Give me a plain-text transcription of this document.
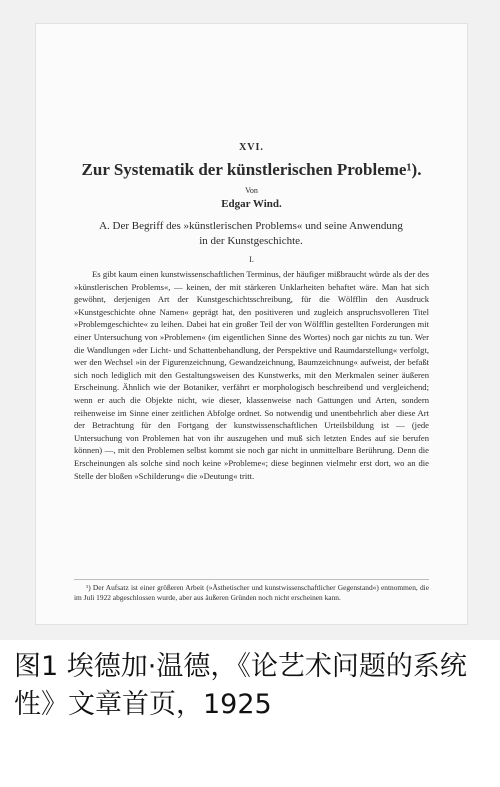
XVI.
Zur Systematik der künstlerischen Probleme¹).
Von
Edgar Wind.
A. Der Begriff des »künstlerischen Problems« und seine Anwendung in der Kunstgeschichte.
I.

Es gibt kaum einen kunstwissenschaftlichen Terminus, der häufiger mißbraucht würde als der des »künstlerischen Problems«, — keinen, der mit stärkeren Unklarheiten behaftet wäre. Man hat sich gewöhnt, derjenigen Art der Kunstgeschichtsschreibung, für die Wölfflin den Ausdruck »Kunstgeschichte ohne Namen« geprägt hat, den positiveren und zugleich anspruchsvolleren Titel »Problemgeschichte« zu leihen. Dabei hat ein großer Teil der von Wölfflin gestellten Forderungen mit einer Untersuchung von »Problemen« (im eigentlichen Sinne des Wortes) noch gar nichts zu tun. Wer die Wandlungen »der Licht- und Schattenbehandlung, der Perspektive und Raumdarstellung« verfolgt, wer den Wechsel »in der Figurenzeichnung, Gewandzeichnung, Baumzeichnung« aufweist, der befaßt sich noch lediglich mit den Gestaltungsweisen des Kunstwerks, mit den Merkmalen seiner äußeren Erscheinung. Ähnlich wie der Botaniker, verfährt er morphologisch beschreibend und vergleichend; wenn er auch die Objekte nicht, wie dieser, klassenweise nach Gattungen und Arten, sondern reihenweise im Sinne einer zeitlichen Abfolge ordnet. So notwendig und unentbehrlich aber diese Art der Betrachtung für den Fortgang der kunstwissenschaftlichen Urteilsbildung ist — (jede Untersuchung von Problemen hat von ihr auszugehen und muß sich letzten Endes auf sie berufen können) —, mit den Problemen selbst kommt sie noch gar nicht in unmittelbare Berührung. Denn die Erscheinungen als solche sind noch keine »Probleme«; diese beginnen vielmehr erst dort, wo an die Stelle der bloßen »Schilderung« die »Deutung« tritt.

¹) Der Aufsatz ist einer größeren Arbeit (»Ästhetischer und kunstwissenschaftlicher Gegenstand«) entnommen, die im Juli 1922 abgeschlossen wurde, aber aus äußeren Gründen noch nicht erscheinen kann.

图1 埃德加·温德，《论艺术问题的系统性》文章首页，1925
